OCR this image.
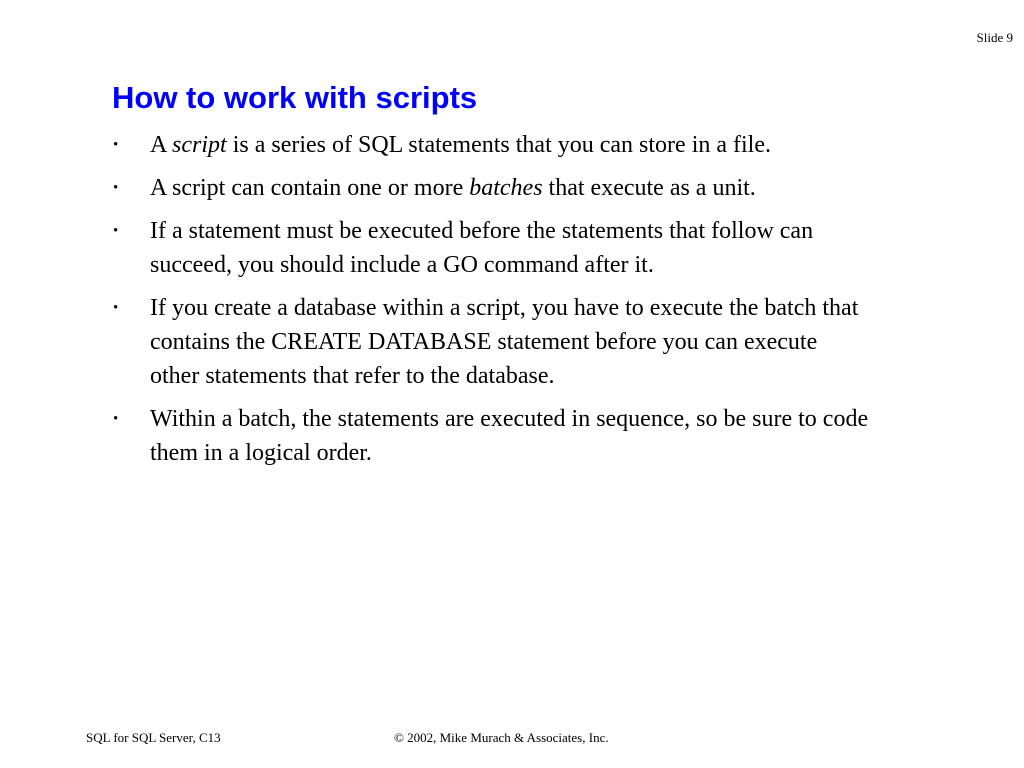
Slide 9
How to work with scripts
•	A script is a series of SQL statements that you can store in a file.
•	A script can contain one or more batches that execute as a unit.
•	If a statement must be executed before the statements that follow can succeed, you should include a GO command after it.
•	If you create a database within a script, you have to execute the batch that contains the CREATE DATABASE statement before you can execute other statements that refer to the database.
•	Within a batch, the statements are executed in sequence, so be sure to code them in a logical order.
SQL for SQL Server, C13	© 2002, Mike Murach & Associates, Inc.
